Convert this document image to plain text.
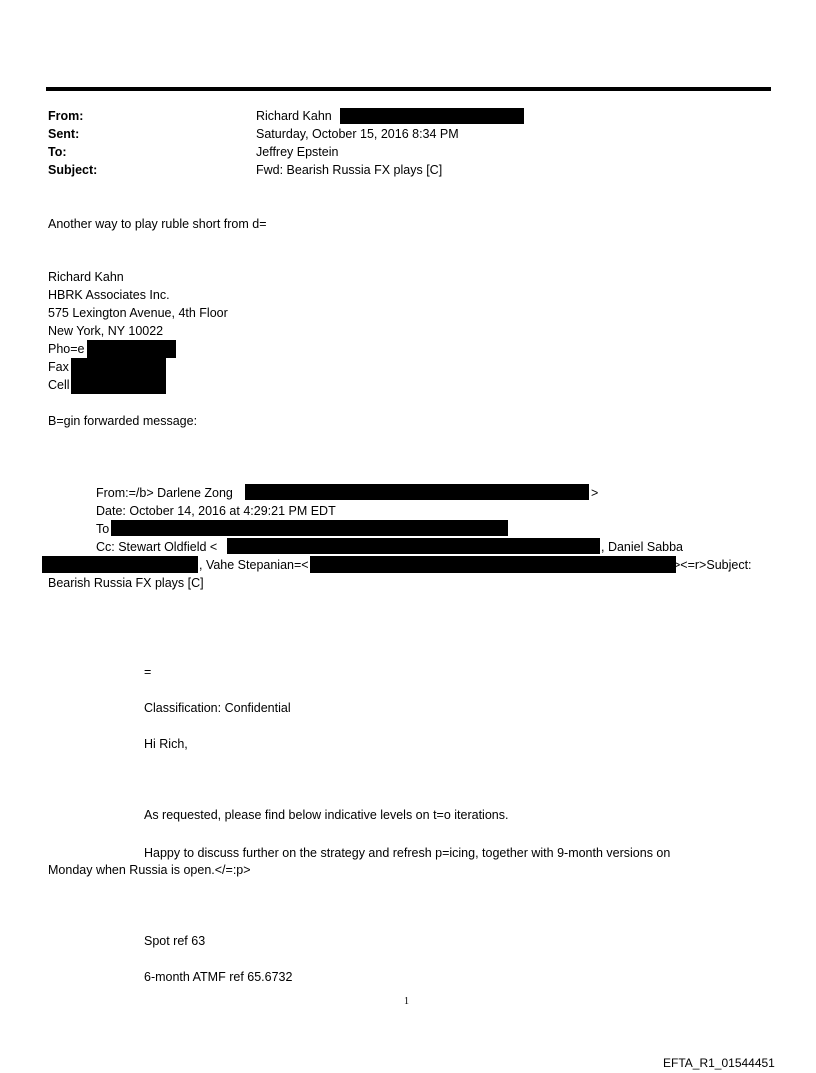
From:	Richard Kahn
Sent:	Saturday, October 15, 2016 8:34 PM
To:	Jeffrey Epstein
Subject:	Fwd: Bearish Russia FX plays [C]
Another way to play ruble short from d=
Richard Kahn
HBRK Associates Inc.
575 Lexington Avenue, 4th Floor
New York, NY 10022
Pho=e
Fax
Cell
B=gin forwarded message:
From:=/b> Darlene Zong	>
Date: October 14, 2016 at 4:29:21 PM EDT
To
Cc: Stewart Oldfield <	, Daniel Sabba
, Vahe Stepanian=<	><=r>Subject:
Bearish Russia FX plays [C]
=
Classification: Confidential
Hi Rich,
As requested, please find below indicative levels on t=o iterations.
Happy to discuss further on the strategy and refresh p=icing, together with 9-month versions on
Monday when Russia is open.</=:p>
Spot ref 63
6-month ATMF ref 65.6732
1
EFTA_R1_01544451
